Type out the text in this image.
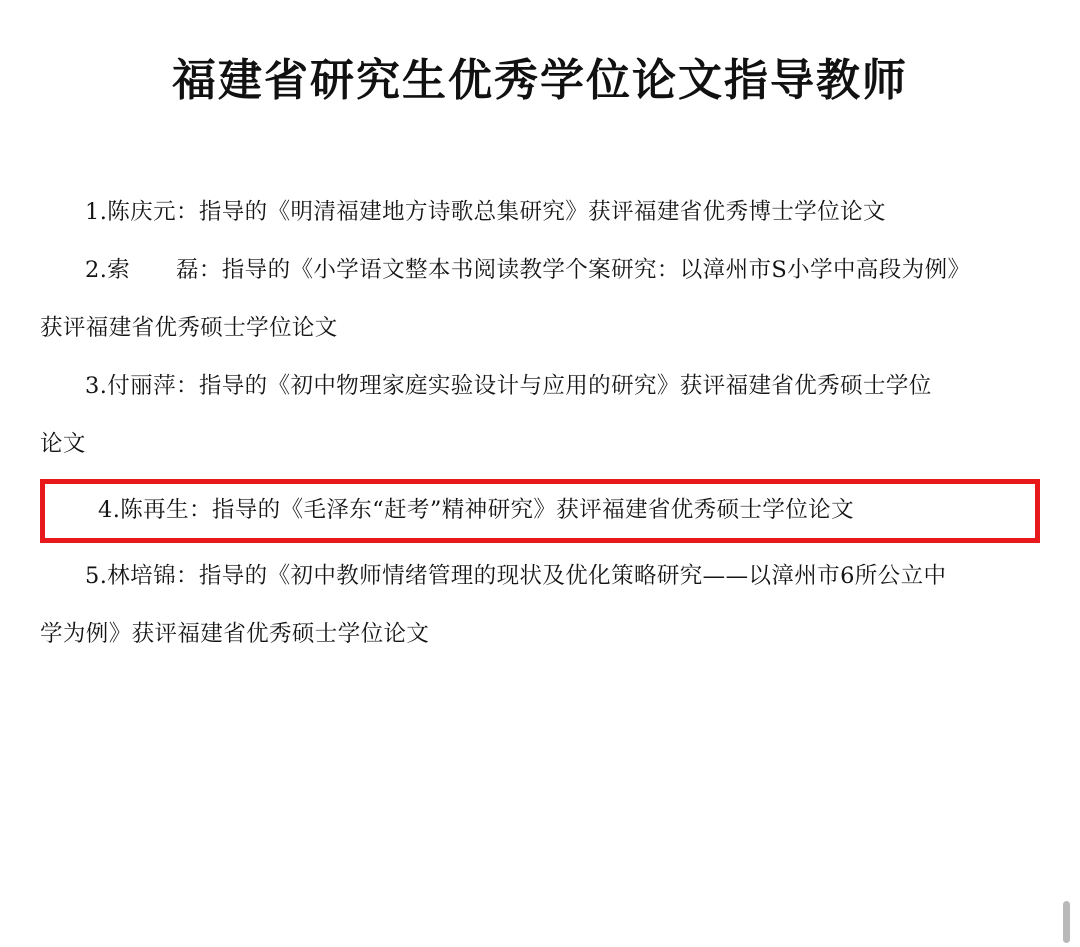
福建省研究生优秀学位论文指导教师

1.陈庆元：指导的《明清福建地方诗歌总集研究》获评福建省优秀博士学位论文

2.索　　磊：指导的《小学语文整本书阅读教学个案研究：以漳州市S小学中高段为例》

获评福建省优秀硕士学位论文

3.付丽萍：指导的《初中物理家庭实验设计与应用的研究》获评福建省优秀硕士学位

论文

4.陈再生：指导的《毛泽东“赶考”精神研究》获评福建省优秀硕士学位论文

5.林培锦：指导的《初中教师情绪管理的现状及优化策略研究——以漳州市6所公立中

学为例》获评福建省优秀硕士学位论文
